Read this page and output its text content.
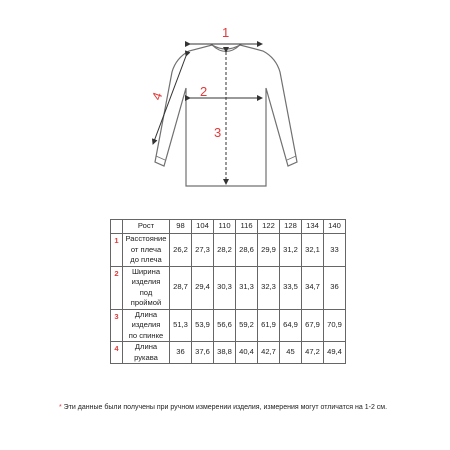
1
2
3
4
	Рост	98	104	110	116	122	128	134	140
1	Расстояние
от плеча
до плеча	26,2	27,3	28,2	28,6	29,9	31,2	32,1	33
2	Ширина
изделия
под
проймой	28,7	29,4	30,3	31,3	32,3	33,5	34,7	36
3	Длина
изделия
по спинке	51,3	53,9	56,6	59,2	61,9	64,9	67,9	70,9
4	Длина
рукава	36	37,6	38,8	40,4	42,7	45	47,2	49,4
* Эти данные были получены при ручном измерении изделия, измерения могут отличатся на 1-2 см.
